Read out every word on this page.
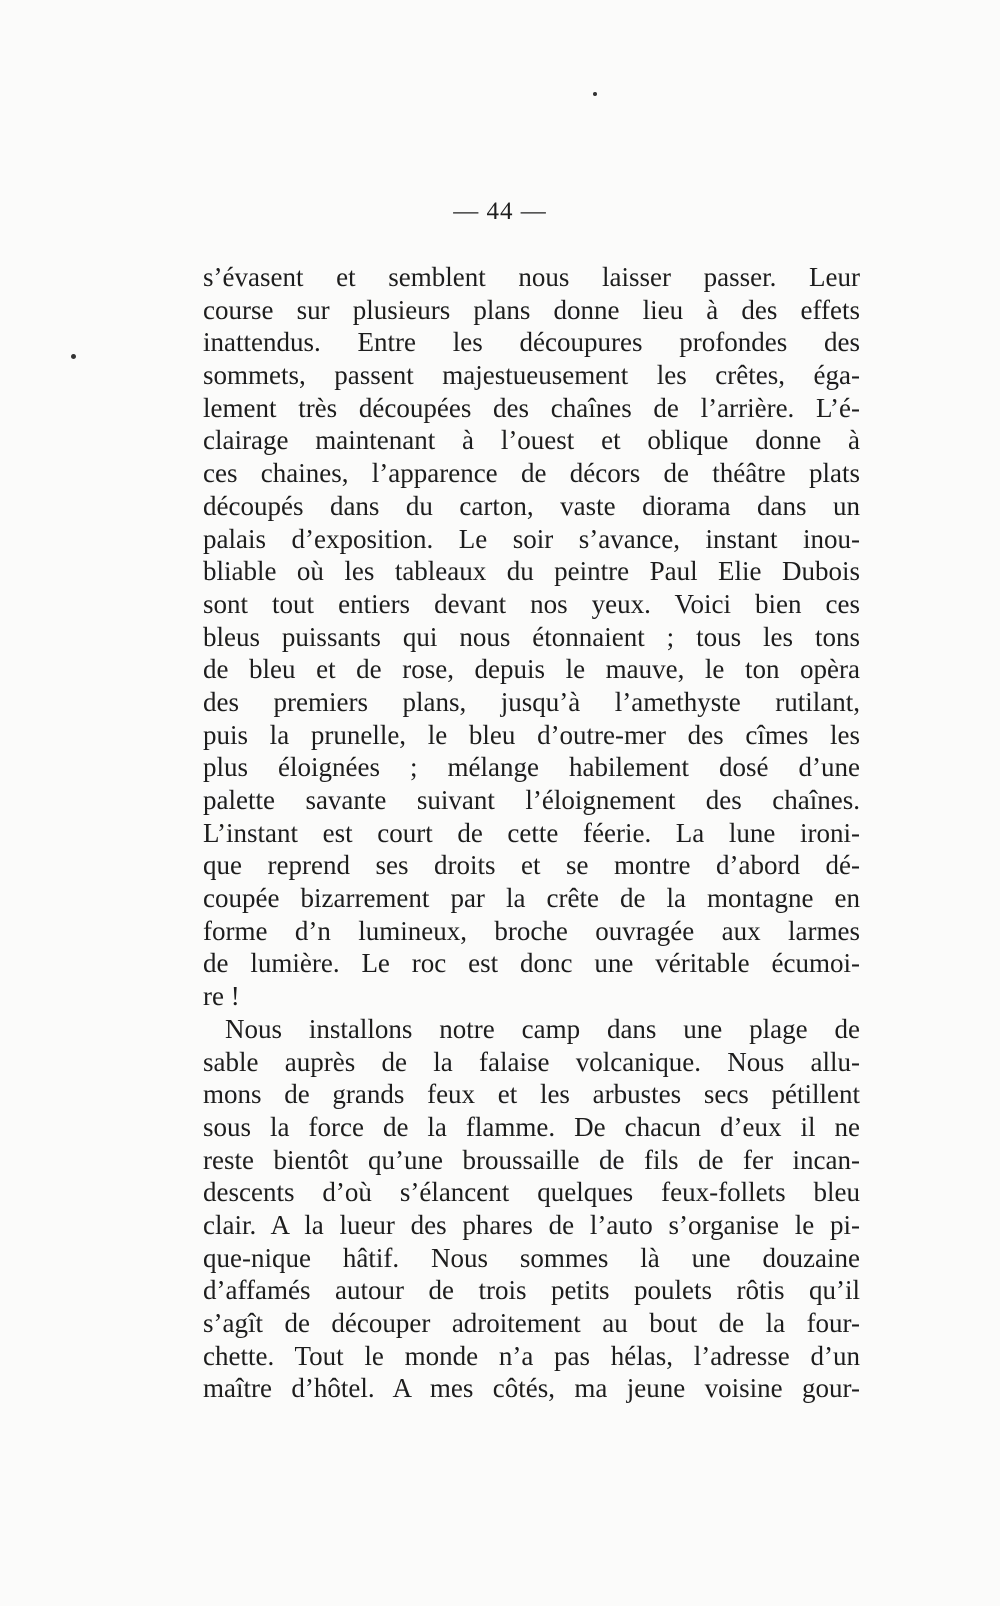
— 44 —
s’évasent et semblent nous laisser passer. Leur
course sur plusieurs plans donne lieu à des effets
inattendus. Entre les découpures profondes des
sommets, passent majestueusement les crêtes, éga-
lement très découpées des chaînes de l’arrière. L’é-
clairage maintenant à l’ouest et oblique donne à
ces chaines, l’apparence de décors de théâtre plats
découpés dans du carton, vaste diorama dans un
palais d’exposition. Le soir s’avance, instant inou-
bliable où les tableaux du peintre Paul Elie Dubois
sont tout entiers devant nos yeux. Voici bien ces
bleus puissants qui nous étonnaient ; tous les tons
de bleu et de rose, depuis le mauve, le ton opèra
des premiers plans, jusqu’à l’amethyste rutilant,
puis la prunelle, le bleu d’outre-mer des cîmes les
plus éloignées ; mélange habilement dosé d’une
palette savante suivant l’éloignement des chaînes.
L’instant est court de cette féerie. La lune ironi-
que reprend ses droits et se montre d’abord dé-
coupée bizarrement par la crête de la montagne en
forme d’n lumineux, broche ouvragée aux larmes
de lumière. Le roc est donc une véritable écumoi-
re !
Nous installons notre camp dans une plage de
sable auprès de la falaise volcanique. Nous allu-
mons de grands feux et les arbustes secs pétillent
sous la force de la flamme. De chacun d’eux il ne
reste bientôt qu’une broussaille de fils de fer incan-
descents d’où s’élancent quelques feux-follets bleu
clair. A la lueur des phares de l’auto s’organise le pi-
que-nique hâtif. Nous sommes là une douzaine
d’affamés autour de trois petits poulets rôtis qu’il
s’agît de découper adroitement au bout de la four-
chette. Tout le monde n’a pas hélas, l’adresse d’un
maître d’hôtel. A mes côtés, ma jeune voisine gour-
